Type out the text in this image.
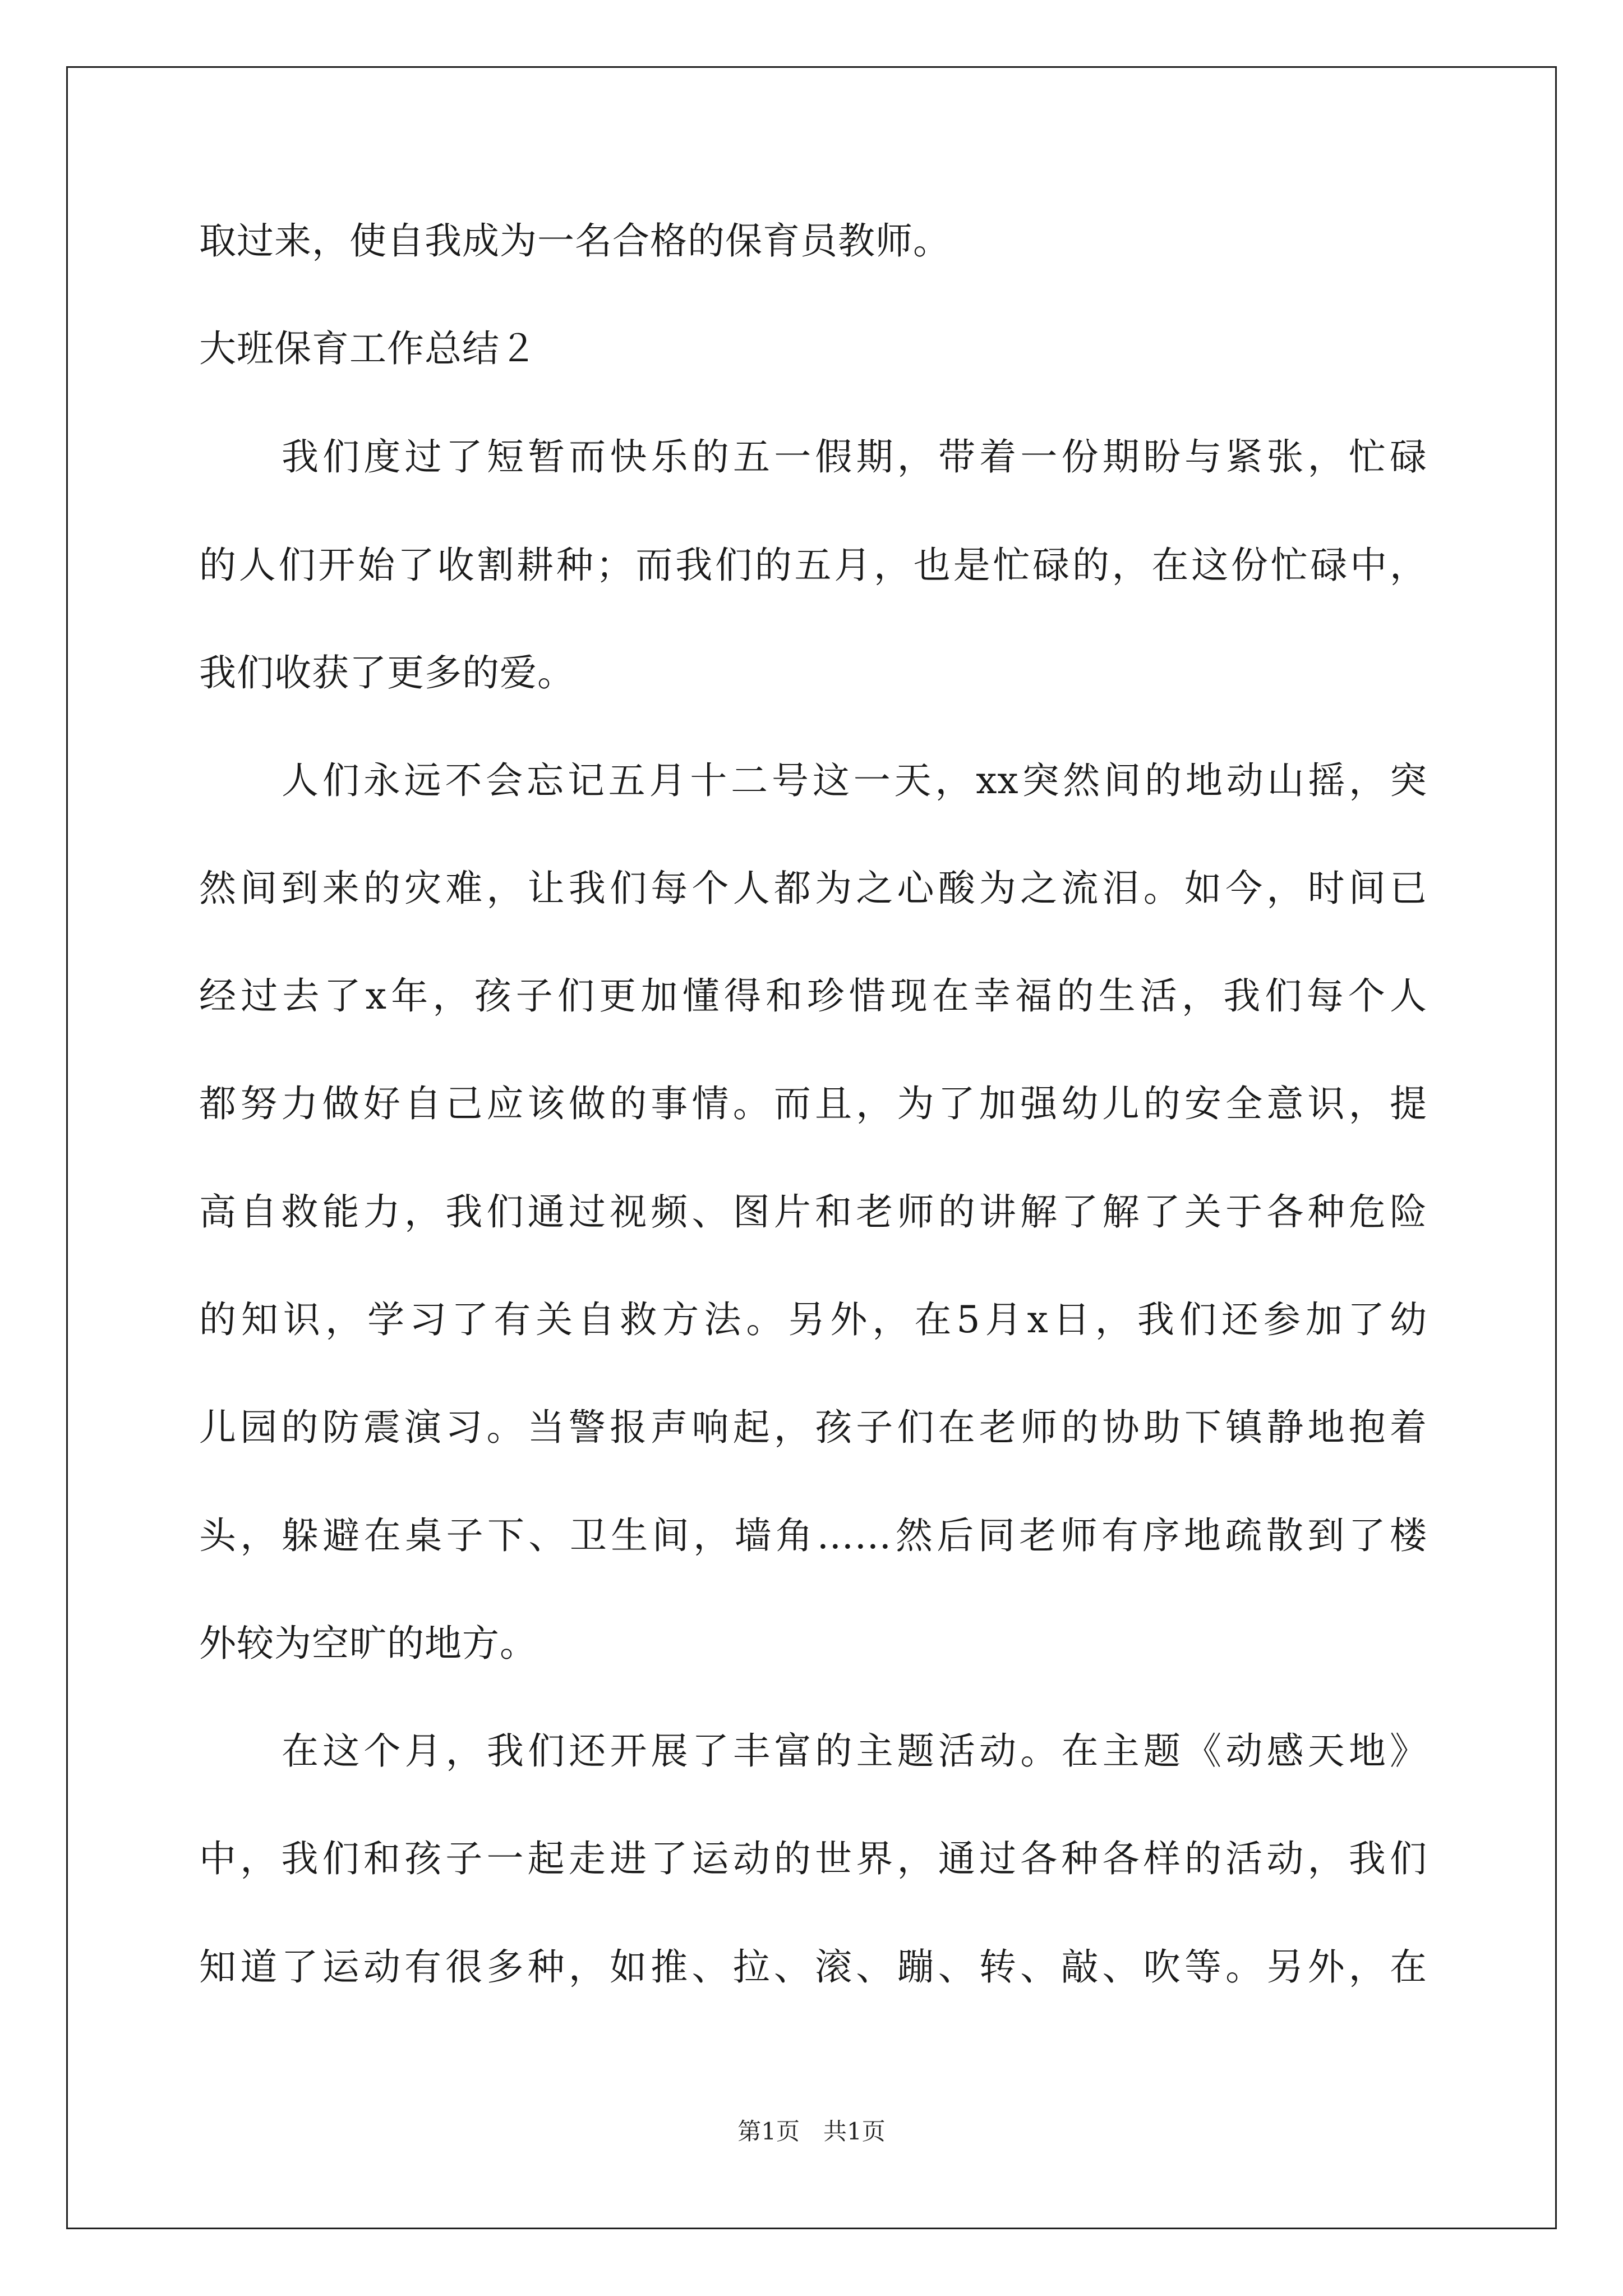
取过来，使自我成为一名合格的保育员教师。
大班保育工作总结２
我们度过了短暂而快乐的五一假期，带着一份期盼与紧张，忙碌
的人们开始了收割耕种；而我们的五月，也是忙碌的，在这份忙碌中，
我们收获了更多的爱。
人们永远不会忘记五月十二号这一天，xx突然间的地动山摇，突
然间到来的灾难，让我们每个人都为之心酸为之流泪。如今，时间已
经过去了x年，孩子们更加懂得和珍惜现在幸福的生活，我们每个人
都努力做好自己应该做的事情。而且，为了加强幼儿的安全意识，提
高自救能力，我们通过视频、图片和老师的讲解了解了关于各种危险
的知识，学习了有关自救方法。另外，在5月x日，我们还参加了幼
儿园的防震演习。当警报声响起，孩子们在老师的协助下镇静地抱着
头，躲避在桌子下、卫生间，墙角……然后同老师有序地疏散到了楼
外较为空旷的地方。
在这个月，我们还开展了丰富的主题活动。在主题《动感天地》
中，我们和孩子一起走进了运动的世界，通过各种各样的活动，我们
知道了运动有很多种，如推、拉、滚、蹦、转、敲、吹等。另外，在
第1页　共1页
